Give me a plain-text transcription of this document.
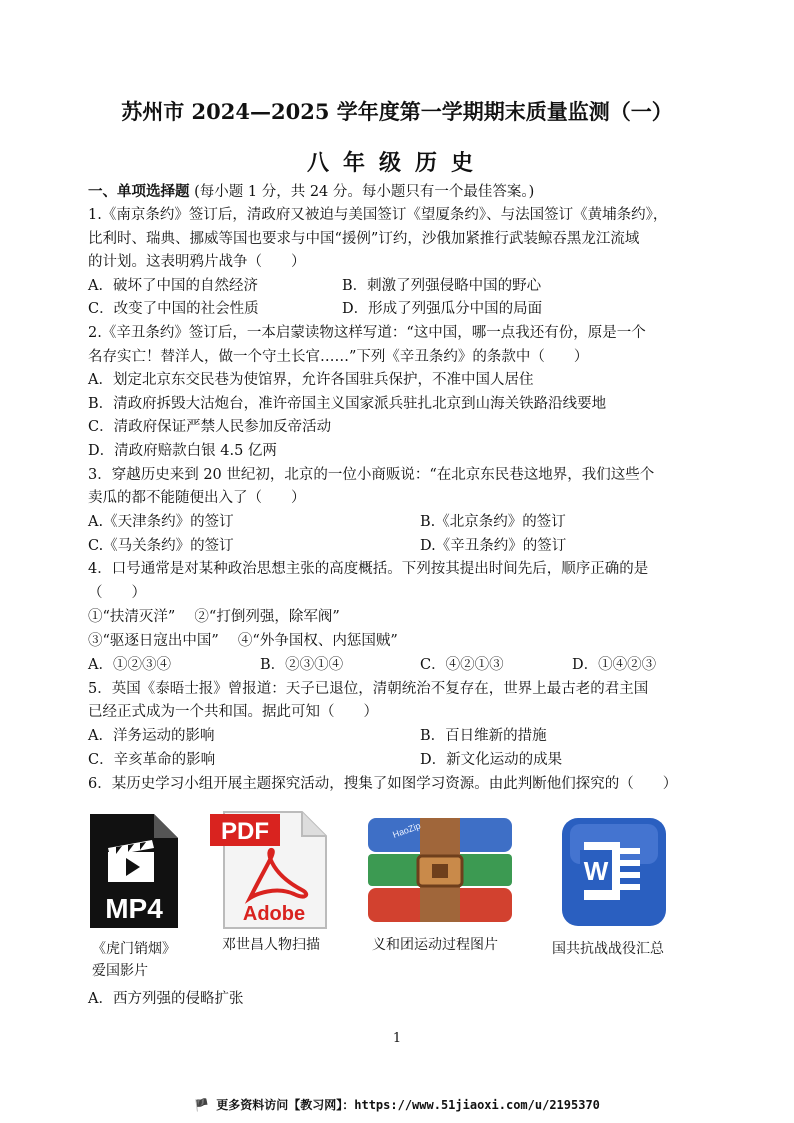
苏州市 2024—2025 学年度第一学期期末质量监测（一）
八年级历史
一、单项选择题 (每小题 1 分，共 24 分。每小题只有一个最佳答案。)
1.《南京条约》签订后，清政府又被迫与美国签订《望厦条约》、与法国签订《黄埔条约》，
比利时、瑞典、挪威等国也要求与中国“援例”订约，沙俄加紧推行武装鲸吞黑龙江流域
的计划。这表明鸦片战争（　　）
A．破坏了中国的自然经济	B．刺激了列强侵略中国的野心
C．改变了中国的社会性质	D．形成了列强瓜分中国的局面
2.《辛丑条约》签订后，一本启蒙读物这样写道：“这中国，哪一点我还有份，原是一个
名存实亡！替洋人，做一个守土长官……”下列《辛丑条约》的条款中（　　）
A．划定北京东交民巷为使馆界，允许各国驻兵保护，不准中国人居住
B．清政府拆毁大沽炮台，准许帝国主义国家派兵驻扎北京到山海关铁路沿线要地
C．清政府保证严禁人民参加反帝活动
D．清政府赔款白银 4.5 亿两
3．穿越历史来到 20 世纪初，北京的一位小商贩说：“在北京东民巷这地界，我们这些个
卖瓜的都不能随便出入了（　　）
A.《天津条约》的签订	B.《北京条约》的签订
C.《马关条约》的签订	D.《辛丑条约》的签订
4．口号通常是对某种政治思想主张的高度概括。下列按其提出时间先后，顺序正确的是
（　　）
①“扶清灭洋”　 ②“打倒列强，除军阀”
③“驱逐日寇出中国”　 ④“外争国权、内惩国贼”
A．①②③④	B．②③①④	C．④②①③	D．①④②③
5．英国《泰晤士报》曾报道：天子已退位，清朝统治不复存在，世界上最古老的君主国
已经正式成为一个共和国。据此可知（　　）
A．洋务运动的影响	B．百日维新的措施
C．辛亥革命的影响	D．新文化运动的成果
6．某历史学习小组开展主题探究活动，搜集了如图学习资源。由此判断他们探究的（　　）
MP4
PDF
Adobe
HaoZip
W
《虎门销烟》
爱国影片
邓世昌人物扫描	义和团运动过程图片	国共抗战战役汇总
A．西方列强的侵略扩张
1
🏴 更多资料访问【教习网】：https://www.51jiaoxi.com/u/2195370
